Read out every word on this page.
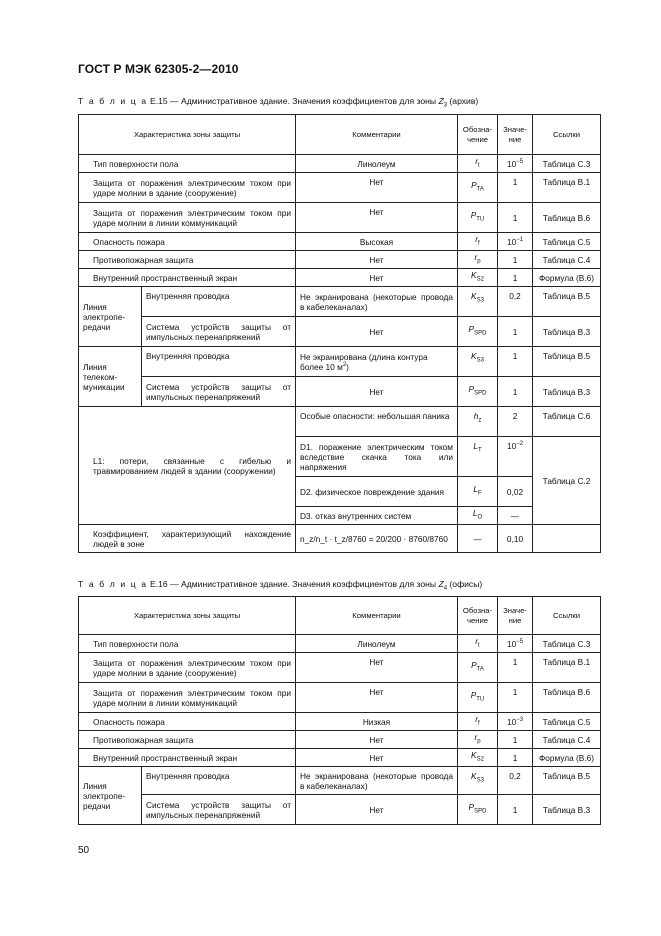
ГОСТ Р МЭК 62305-2—2010
Т а б л и ц а E.15 — Административное здание. Значения коэффициентов для зоны $Z_3$ (архив)
Характеристика зоны защиты		Комментарии	Обозна-чение	Значе-ние	Ссылки
Тип поверхности пола		Линолеум	$r_t$	$10^{-5}$	Таблица C.3
Защита от поражения электрическим током при ударе молнии в здание (сооружение)		Нет	$P_{TA}$	1	Таблица B.1
Защита от поражения электрическим током при ударе молнии в линии коммуникаций		Нет	$P_{TU}$	1	Таблица B.6
Опасность пожара		Высокая	$r_f$	$10^{-1}$	Таблица C.5
Противопожарная защита		Нет	$r_p$	1	Таблица C.4
Внутренний пространственный экран		Нет	$K_{S2}$	1	Формула (B.6)
Линия электропе-редачи	Внутренняя проводка	Не экранирована (некоторые провода в кабелеканалах)	$K_{S3}$	0,2	Таблица B.5
	Система устройств защиты от импульсных перенапряжений	Нет	$P_{SPD}$	1	Таблица B.3
Линия телеком-муникации	Внутренняя проводка	Не экранирована (длина контура более 10 $м^2$)	$K_{S3}$	1	Таблица B.5
	Система устройств защиты от импульсных перенапряжений	Нет	$P_{SPD}$	1	Таблица B.3
L1: потери, связанные с гибелью и травмированием людей в здании (сооружении)		Особые опасности: небольшая паника	$h_z$	2	Таблица C.6
		D1. поражение электрическим током вследствие скачка тока или напряжения	$L_T$	$10^{-2}$	Таблица C.2
		D2. физическое повреждение здания	$L_F$	0,02	
		D3. отказ внутренних систем	$L_O$	—	
Коэффициент, характеризующий нахождение людей в зоне		n_z/n_t · t_z/8760 = 20/200 · 8760/8760	—	0,10	
Т а б л и ц а E.16 — Административное здание. Значения коэффициентов для зоны $Z_4$ (офисы)
Характеристика зоны защиты		Комментарии	Обозна-чение	Значе-ние	Ссылки
Тип поверхности пола		Линолеум	$r_t$	$10^{-5}$	Таблица C.3
Защита от поражения электрическим током при ударе молнии в здание (сооружение)		Нет	$P_{TA}$	1	Таблица B.1
Защита от поражения электрическим током при ударе молнии в линии коммуникаций		Нет	$P_{TU}$	1	Таблица B.6
Опасность пожара		Низкая	$r_f$	$10^{-3}$	Таблица C.5
Противопожарная защита		Нет	$r_p$	1	Таблица C.4
Внутренний пространственный экран		Нет	$K_{S2}$	1	Формула (B.6)
Линия электропе-редачи	Внутренняя проводка	Не экранирована (некоторые провода в кабелеканалах)	$K_{S3}$	0,2	Таблица B.5
	Система устройств защиты от импульсных перенапряжений	Нет	$P_{SPD}$	1	Таблица B.3
50
